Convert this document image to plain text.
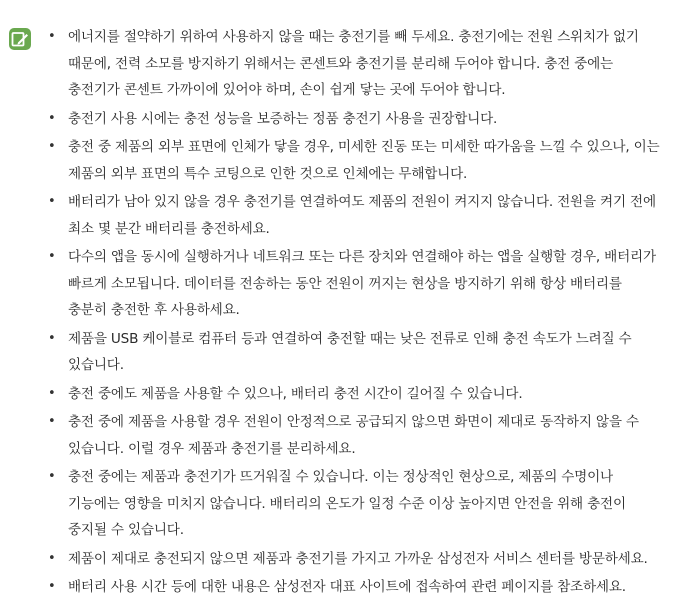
• 에너지를 절약하기 위하여 사용하지 않을 때는 충전기를 빼 두세요. 충전기에는 전원 스위치가 없기
때문에, 전력 소모를 방지하기 위해서는 콘센트와 충전기를 분리해 두어야 합니다. 충전 중에는
충전기가 콘센트 가까이에 있어야 하며, 손이 쉽게 닿는 곳에 두어야 합니다.
• 충전기 사용 시에는 충전 성능을 보증하는 정품 충전기 사용을 권장합니다.
• 충전 중 제품의 외부 표면에 인체가 닿을 경우, 미세한 진동 또는 미세한 따가움을 느낄 수 있으나, 이는
제품의 외부 표면의 특수 코팅으로 인한 것으로 인체에는 무해합니다.
• 배터리가 남아 있지 않을 경우 충전기를 연결하여도 제품의 전원이 켜지지 않습니다. 전원을 켜기 전에
최소 몇 분간 배터리를 충전하세요.
• 다수의 앱을 동시에 실행하거나 네트워크 또는 다른 장치와 연결해야 하는 앱을 실행할 경우, 배터리가
빠르게 소모됩니다. 데이터를 전송하는 동안 전원이 꺼지는 현상을 방지하기 위해 항상 배터리를
충분히 충전한 후 사용하세요.
• 제품을 USB 케이블로 컴퓨터 등과 연결하여 충전할 때는 낮은 전류로 인해 충전 속도가 느려질 수
있습니다.
• 충전 중에도 제품을 사용할 수 있으나, 배터리 충전 시간이 길어질 수 있습니다.
• 충전 중에 제품을 사용할 경우 전원이 안정적으로 공급되지 않으면 화면이 제대로 동작하지 않을 수
있습니다. 이럴 경우 제품과 충전기를 분리하세요.
• 충전 중에는 제품과 충전기가 뜨거워질 수 있습니다. 이는 정상적인 현상으로, 제품의 수명이나
기능에는 영향을 미치지 않습니다. 배터리의 온도가 일정 수준 이상 높아지면 안전을 위해 충전이
중지될 수 있습니다.
• 제품이 제대로 충전되지 않으면 제품과 충전기를 가지고 가까운 삼성전자 서비스 센터를 방문하세요.
• 배터리 사용 시간 등에 대한 내용은 삼성전자 대표 사이트에 접속하여 관련 페이지를 참조하세요.
